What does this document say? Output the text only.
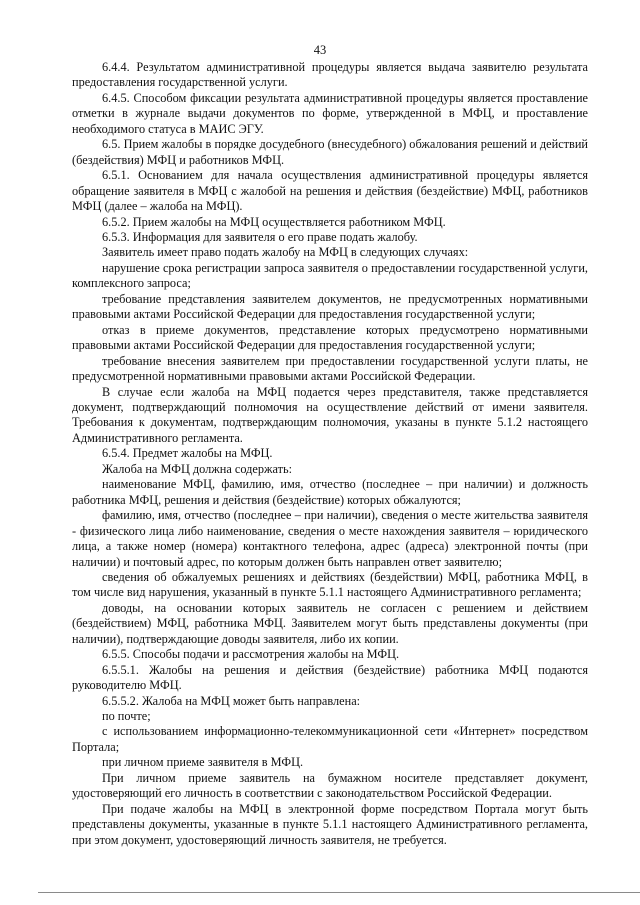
43

6.4.4. Результатом административной процедуры является выдача заявителю результата предоставления государственной услуги.

6.4.5. Способом фиксации результата административной процедуры является проставление отметки в журнале выдачи документов по форме, утвержденной в МФЦ, и проставление необходимого статуса в МАИС ЭГУ.

6.5. Прием жалобы в порядке досудебного (внесудебного) обжалования решений и действий (бездействия) МФЦ и работников МФЦ.

6.5.1. Основанием для начала осуществления административной процедуры является обращение заявителя в МФЦ с жалобой на решения и действия (бездействие) МФЦ, работников МФЦ (далее – жалоба на МФЦ).

6.5.2. Прием жалобы на МФЦ осуществляется работником МФЦ.

6.5.3. Информация для заявителя о его праве подать жалобу.

Заявитель имеет право подать жалобу на МФЦ в следующих случаях:

нарушение срока регистрации запроса заявителя о предоставлении государственной услуги, комплексного запроса;

требование представления заявителем документов, не предусмотренных нормативными правовыми актами Российской Федерации для предоставления государственной услуги;

отказ в приеме документов, представление которых предусмотрено нормативными правовыми актами Российской Федерации для предоставления государственной услуги;

требование внесения заявителем при предоставлении государственной услуги платы, не предусмотренной нормативными правовыми актами Российской Федерации.

В случае если жалоба на МФЦ подается через представителя, также представляется документ, подтверждающий полномочия на осуществление действий от имени заявителя. Требования к документам, подтверждающим полномочия, указаны в пункте 5.1.2 настоящего Административного регламента.

6.5.4. Предмет жалобы на МФЦ.

Жалоба на МФЦ должна содержать:

наименование МФЦ, фамилию, имя, отчество (последнее – при наличии) и должность работника МФЦ, решения и действия (бездействие) которых обжалуются;

фамилию, имя, отчество (последнее – при наличии), сведения о месте жительства заявителя - физического лица либо наименование, сведения о месте нахождения заявителя – юридического лица, а также номер (номера) контактного телефона, адрес (адреса) электронной почты (при наличии) и почтовый адрес, по которым должен быть направлен ответ заявителю;

сведения об обжалуемых решениях и действиях (бездействии) МФЦ, работника МФЦ, в том числе вид нарушения, указанный в пункте 5.1.1 настоящего Административного регламента;

доводы, на основании которых заявитель не согласен с решением и действием (бездействием) МФЦ, работника МФЦ. Заявителем могут быть представлены документы (при наличии), подтверждающие доводы заявителя, либо их копии.

6.5.5. Способы подачи и рассмотрения жалобы на МФЦ.

6.5.5.1. Жалобы на решения и действия (бездействие) работника МФЦ подаются руководителю МФЦ.

6.5.5.2. Жалоба на МФЦ может быть направлена:

по почте;

с использованием информационно-телекоммуникационной сети «Интернет» посредством Портала;

при личном приеме заявителя в МФЦ.

При личном приеме заявитель на бумажном носителе представляет документ, удостоверяющий его личность в соответствии с законодательством Российской Федерации.

При подаче жалобы на МФЦ в электронной форме посредством Портала могут быть представлены документы, указанные в пункте 5.1.1 настоящего Административного регламента, при этом документ, удостоверяющий личность заявителя, не требуется.
